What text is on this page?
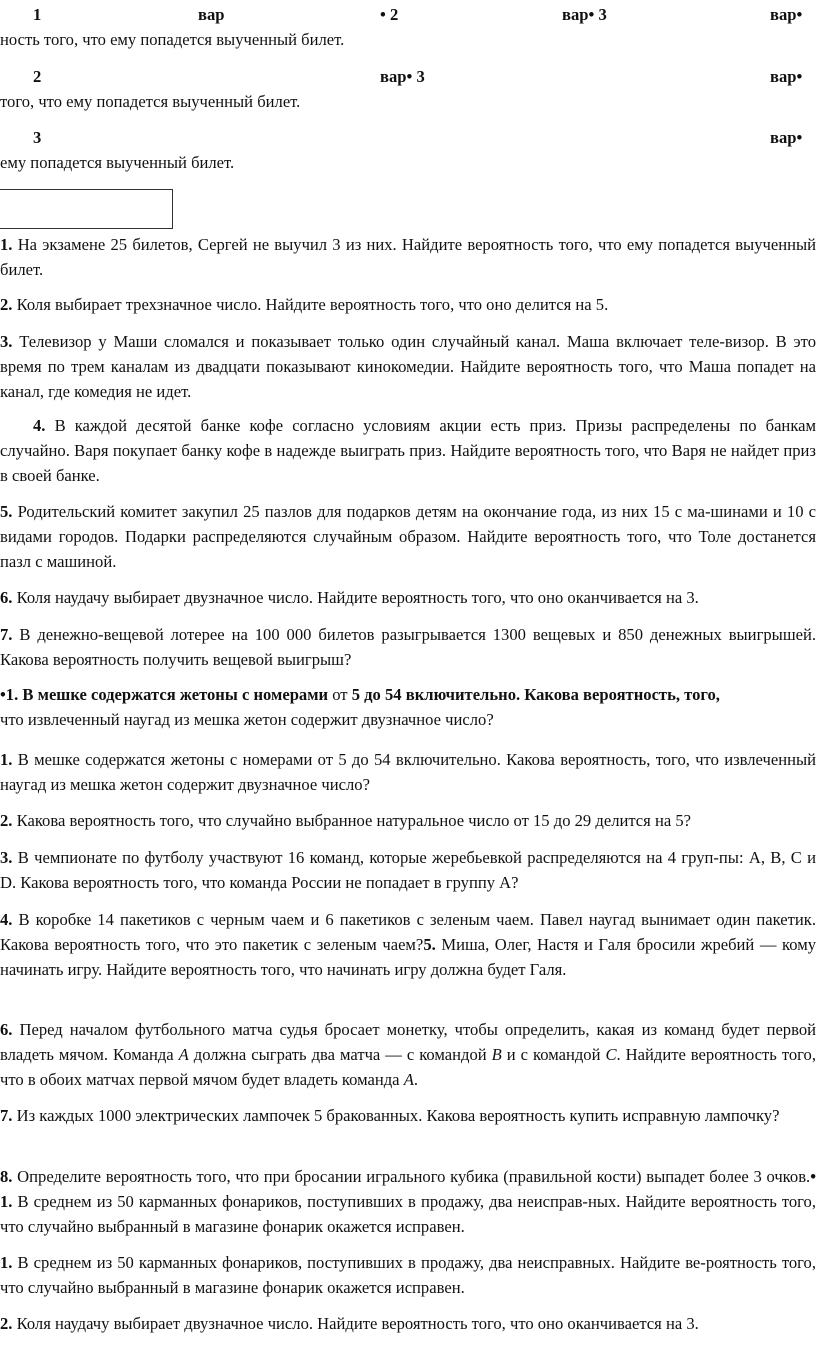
1	вар	• 2	вар• 3	вар•
ность того, что ему попадется выученный билет.
2	вар• 3	вар•
того, что ему попадется выученный билет.
3	вар•
ему попадется выученный билет.
1. На экзамене 25 билетов, Сергей не выучил 3 из них. Найдите вероятность того, что ему попадется выученный билет.
2. Коля выбирает трехзначное число. Найдите вероятность того, что оно делится на 5.
3. Телевизор у Маши сломался и показывает только один случайный канал. Маша включает теле-визор. В это время по трем каналам из двадцати показывают кинокомедии. Найдите вероятность того, что Маша попадет на канал, где комедия не идет.
4. В каждой десятой банке кофе согласно условиям акции есть приз. Призы распределены по банкам случайно. Варя покупает банку кофе в надежде выиграть приз. Найдите вероятность того, что Варя не найдет приз в своей банке.
5. Родительский комитет закупил 25 пазлов для подарков детям на окончание года, из них 15 с ма-шинами и 10 с видами городов. Подарки распределяются случайным образом. Найдите вероятность того, что Толе достанется пазл с машиной.
6. Коля наудачу выбирает двузначное число. Найдите вероятность того, что оно оканчивается на 3.
7. В денежно-вещевой лотерее на 100 000 билетов разыгрывается 1300 вещевых и 850 денежных выигрышей. Какова вероятность получить вещевой выигрыш?
•1. В мешке содержатся жетоны с номерами от 5 до 54 включительно. Какова вероятность, того,
что извлеченный наугад из мешка жетон содержит двузначное число?
1. В мешке содержатся жетоны с номерами от 5 до 54 включительно. Какова вероятность, того, что извлеченный наугад из мешка жетон содержит двузначное число?
2. Какова вероятность того, что случайно выбранное натуральное число от 15 до 29 делится на 5?
3. В чемпионате по футболу участвуют 16 команд, которые жеребьевкой распределяются на 4 груп-пы: A, B, C и D. Какова вероятность того, что команда России не попадает в группу А?
4. В коробке 14 пакетиков с черным чаем и 6 пакетиков с зеленым чаем. Павел наугад вынимает один пакетик. Какова вероятность того, что это пакетик с зеленым чаем?5. Миша, Олег, Настя и Галя бросили жребий — кому начинать игру. Найдите вероятность того, что начинать игру должна будет Галя.
6. Перед началом футбольного матча судья бросает монетку, чтобы определить, какая из команд будет первой владеть мячом. Команда A должна сыграть два матча — с командой B и с командой C. Найдите вероятность того, что в обоих матчах первой мячом будет владеть команда A.
7. Из каждых 1000 электрических лампочек 5 бракованных. Какова вероятность купить исправную лампочку?
8. Определите вероятность того, что при бросании игрального кубика (правильной кости) выпадет более 3 очков.• 1. В среднем из 50 карманных фонариков, поступивших в продажу, два неисправ-ных. Найдите вероятность того, что случайно выбранный в магазине фонарик окажется исправен.
1. В среднем из 50 карманных фонариков, поступивших в продажу, два неисправных. Найдите ве-роятность того, что случайно выбранный в магазине фонарик окажется исправен.
2. Коля наудачу выбирает двузначное число. Найдите вероятность того, что оно оканчивается на 3.
